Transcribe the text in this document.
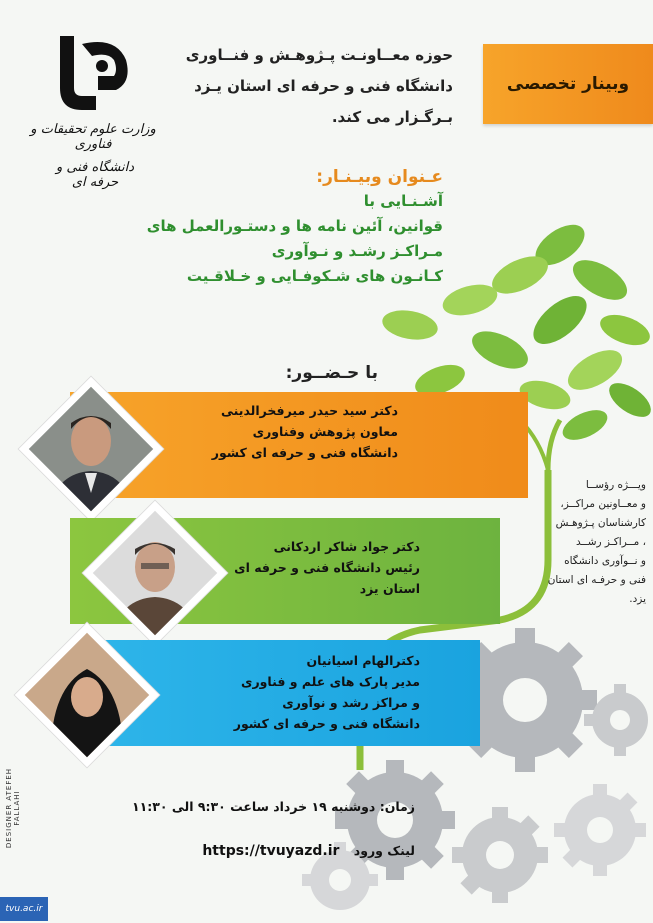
وزارت علوم تحقیقات و فناوری
دانشگاه فنی و حرفه ای
حوزه معــاونـت پـژوهـش و فنــاوری
دانشگاه فنی و حرفه ای استان یـزد
بـرگـزار می کند.
وبینار تخصصی
عـنوان وبیـنـار:
آشـنـایی با
قوانین، آئین نامه ها و دستـورالعمل های
مـراکـز رشـد و نـوآوری
کـانـون های شـکوفـایی و خـلاقـیت
با حـضــور:
دکتر سید حیدر میرفخرالدینی
معاون پژوهش وفناوری
دانشگاه فنی و حرفه ای کشور
دکتر جواد شاکر اردکانی
رئیس دانشگاه فنی و حرفه ای
استان یزد
دکترالهام اسیانیان
مدیر پارک های علم و فناوری
و مراکز رشد و نوآوری
دانشگاه فنی و حرفه ای کشور
ویـــژه رؤســا
و معــاونین مراکــز،
کارشناسان پـژوهـش
، مــراکـز رشــد
و نــوآوری دانشگاه
فنی و حرفـه ای استان
یزد.
DESIGNER ATEFEH FALLAHI	زمان: دوشنبه ۱۹ خرداد ساعت ۹:۳۰ الی ۱۱:۳۰
لینک ورود https://tvuyazd.ir
tvu.ac.ir
